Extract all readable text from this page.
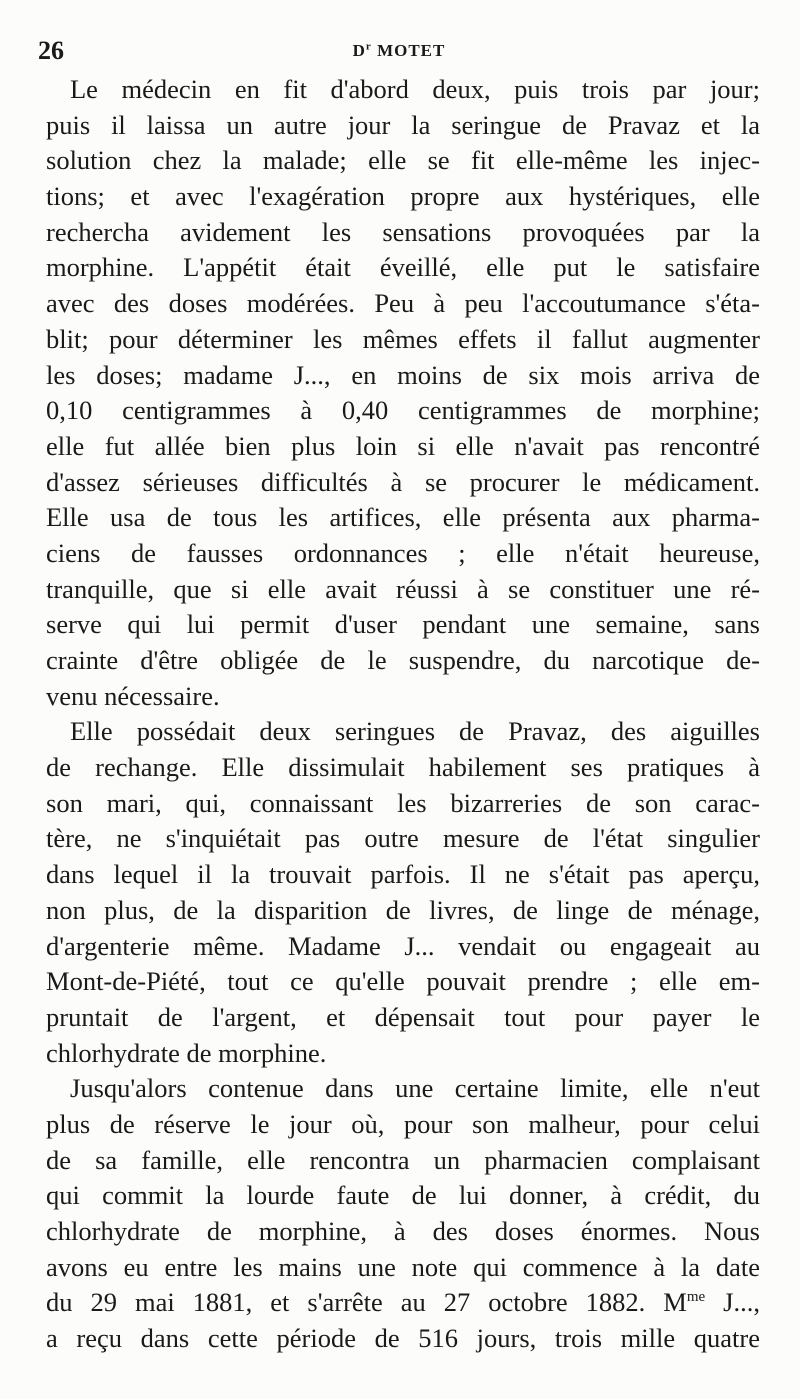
26	$D^r$ MOTET

Le médecin en fit d'abord deux, puis trois par jour;
puis il laissa un autre jour la seringue de Pravaz et la
solution chez la malade; elle se fit elle-même les injec-
tions; et avec l'exagération propre aux hystériques, elle
rechercha avidement les sensations provoquées par la
morphine. L'appétit était éveillé, elle put le satisfaire
avec des doses modérées. Peu à peu l'accoutumance s'éta-
blit; pour déterminer les mêmes effets il fallut augmenter
les doses; madame J..., en moins de six mois arriva de
0,10 centigrammes à 0,40 centigrammes de morphine;
elle fut allée bien plus loin si elle n'avait pas rencontré
d'assez sérieuses difficultés à se procurer le médicament.
Elle usa de tous les artifices, elle présenta aux pharma-
ciens de fausses ordonnances ; elle n'était heureuse,
tranquille, que si elle avait réussi à se constituer une ré-
serve qui lui permit d'user pendant une semaine, sans
crainte d'être obligée de le suspendre, du narcotique de-
venu nécessaire.

Elle possédait deux seringues de Pravaz, des aiguilles
de rechange. Elle dissimulait habilement ses pratiques à
son mari, qui, connaissant les bizarreries de son carac-
tère, ne s'inquiétait pas outre mesure de l'état singulier
dans lequel il la trouvait parfois. Il ne s'était pas aperçu,
non plus, de la disparition de livres, de linge de ménage,
d'argenterie même. Madame J... vendait ou engageait au
Mont-de-Piété, tout ce qu'elle pouvait prendre ; elle em-
pruntait de l'argent, et dépensait tout pour payer le
chlorhydrate de morphine.

Jusqu'alors contenue dans une certaine limite, elle n'eut
plus de réserve le jour où, pour son malheur, pour celui
de sa famille, elle rencontra un pharmacien complaisant
qui commit la lourde faute de lui donner, à crédit, du
chlorhydrate de morphine, à des doses énormes. Nous
avons eu entre les mains une note qui commence à la date
du 29 mai 1881, et s'arrête au 27 octobre 1882. $M^{me}$ J...,
a reçu dans cette période de 516 jours, trois mille quatre
